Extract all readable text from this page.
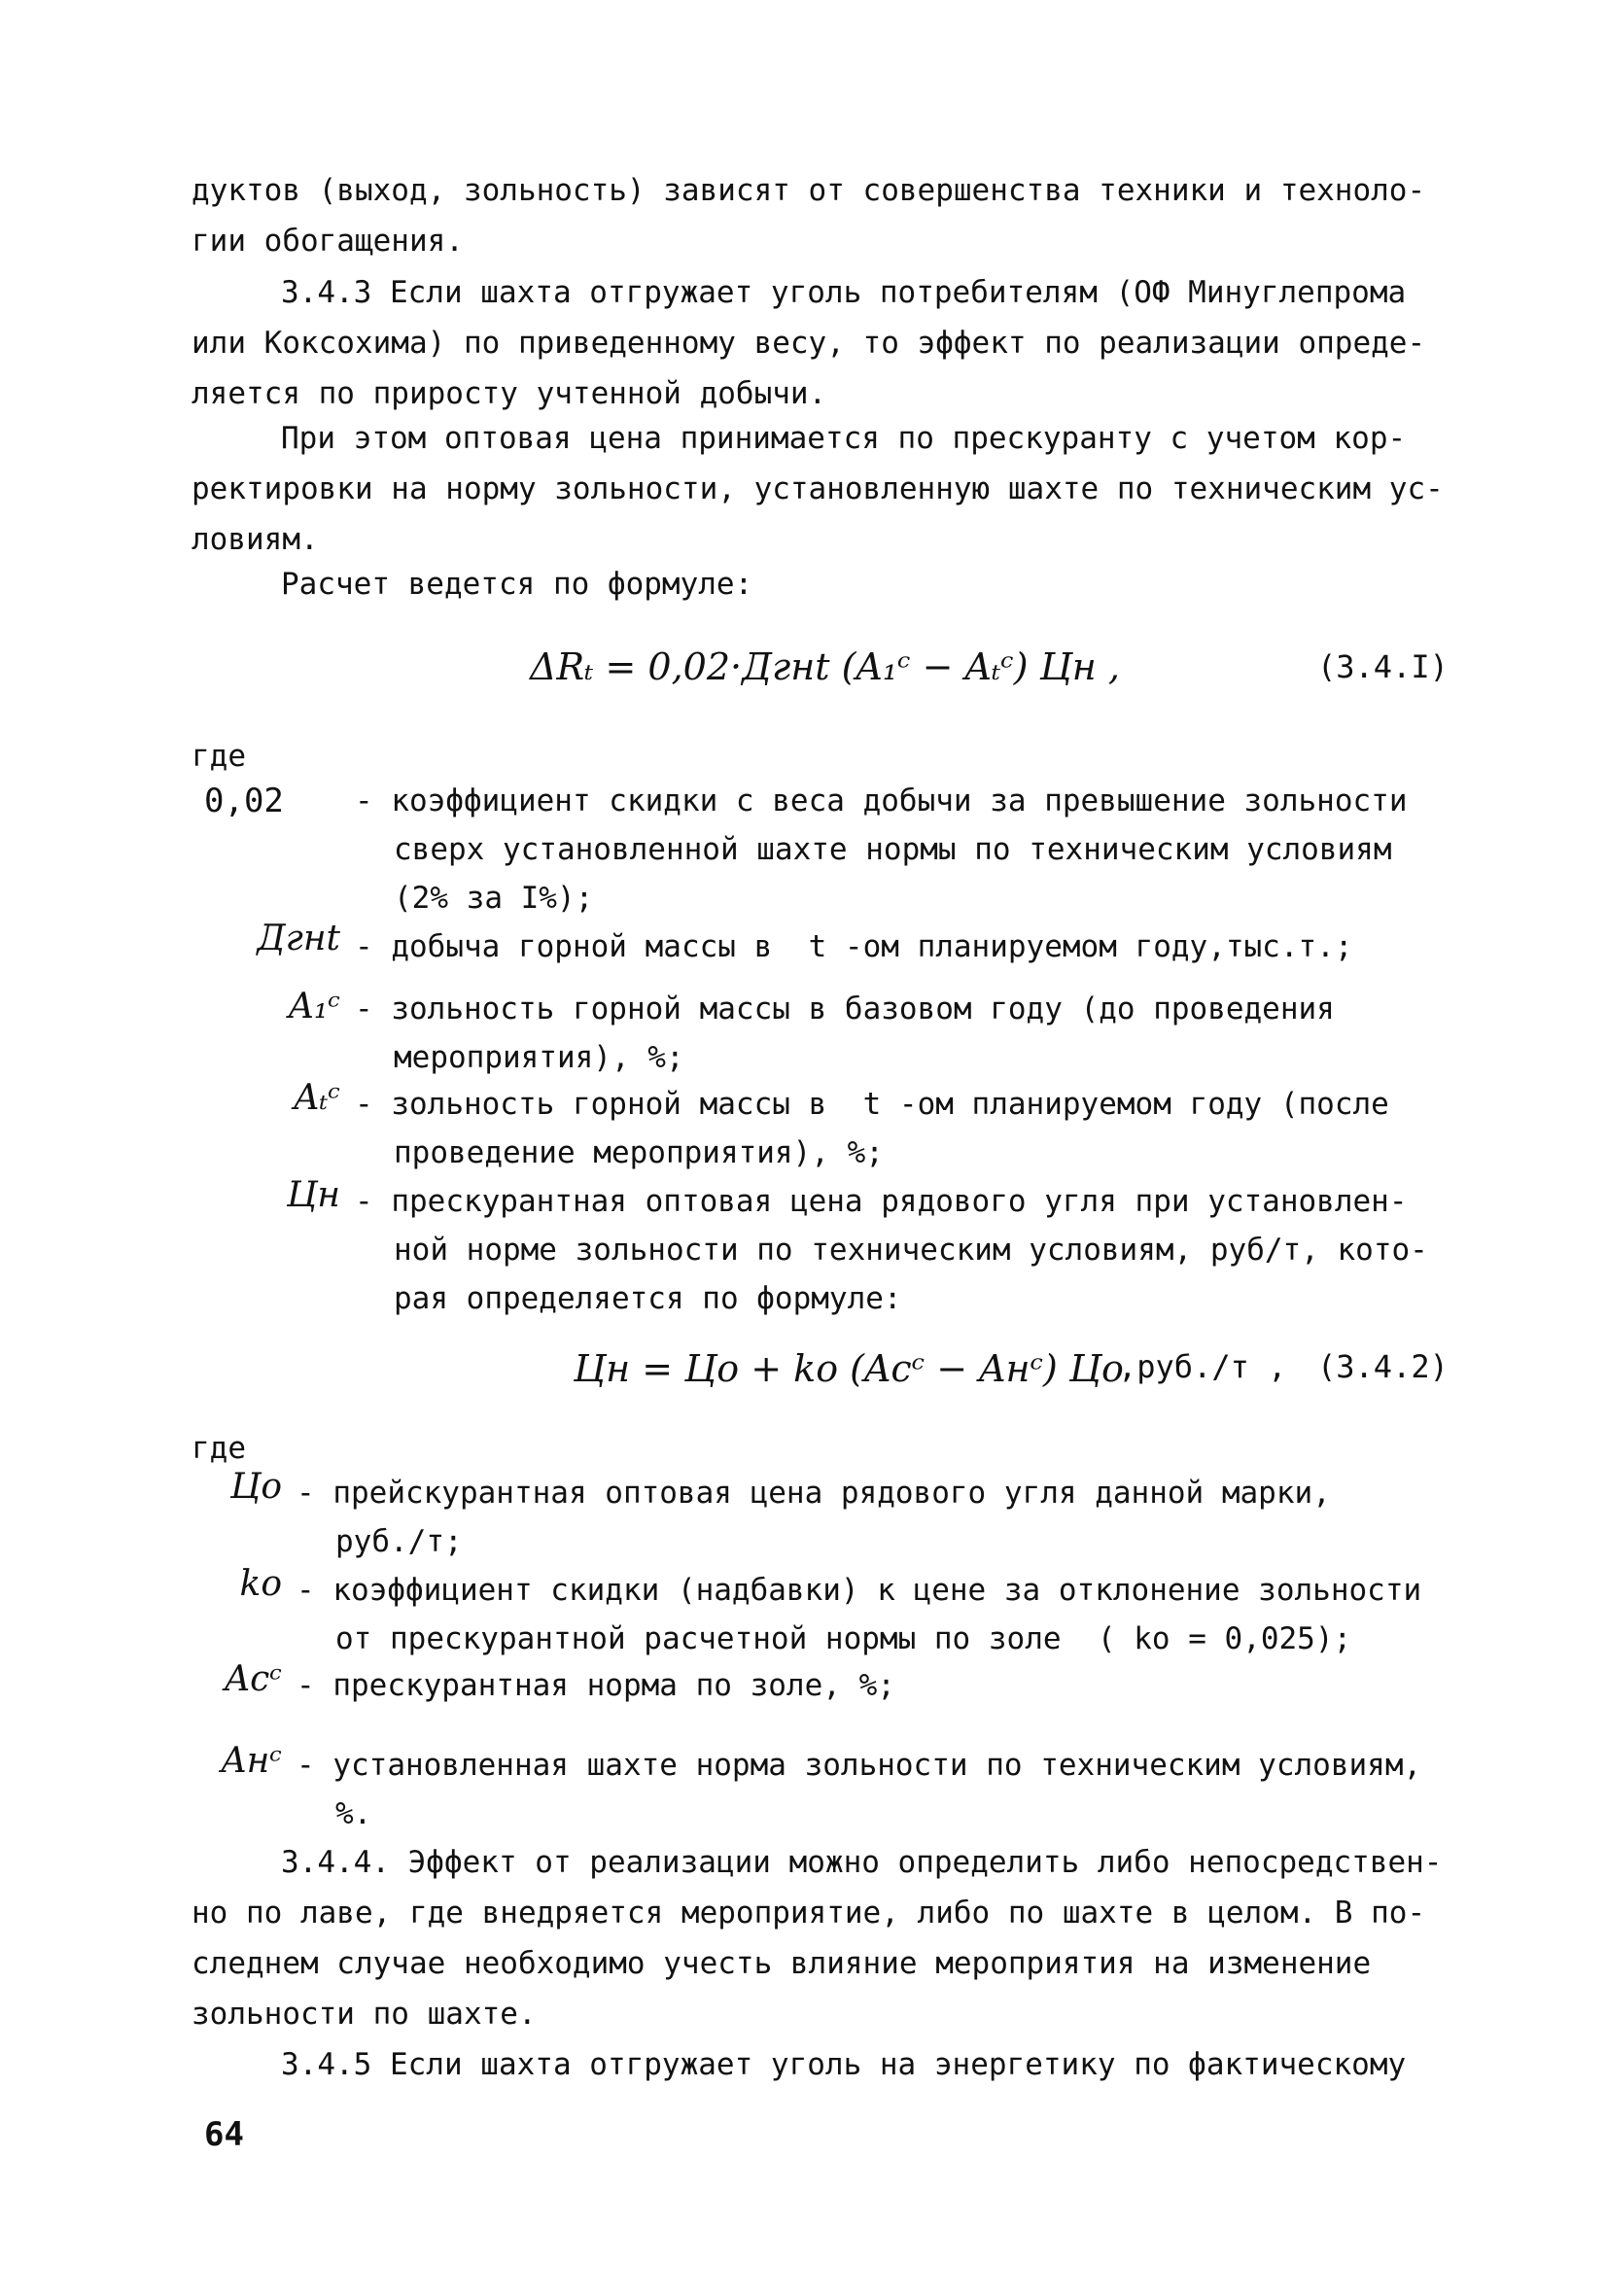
дуктов (выход, зольность) зависят от совершенства техники и техноло-
гии обогащения.
3.4.3 Если шахта отгружает уголь потребителям (ОФ Минуглепрома
или Коксохима) по приведенному весу, то эффект по реализации опреде-
ляется по приросту учтенной добычи.
При этом оптовая цена принимается по прескуранту с учетом кор-
ректировки на норму зольности, установленную шахте по техническим ус-
ловиям.
Расчет ведется по формуле:
ΔRₜ = 0,02·Дгнt (A₁ᶜ − Aₜᶜ) Цн ,	(3.4.I)
где
0,02 - коэффициент скидки с веса добычи за превышение зольности
сверх установленной шахте нормы по техническим условиям
(2% за I%);
Дгнt - добыча горной массы в  t -ом планируемом году,тыс.т.;
A₁ᶜ - зольность горной массы в базовом году (до проведения
мероприятия), %;
Aₜᶜ - зольность горной массы в  t -ом планируемом году (после
проведение мероприятия), %;
Цн - прескурантная оптовая цена рядового угля при установлен-
ной норме зольности по техническим условиям, руб/т, кото-
рая определяется по формуле:
Цн = Цо + kо (Aсᶜ − Aнᶜ) Цо
,руб./т , (3.4.2)
где
Цо - прейскурантная оптовая цена рядового угля данной марки,
руб./т;
kо - коэффициент скидки (надбавки) к цене за отклонение зольности
от прескурантной расчетной нормы по золе  ( kо = 0,025);
Aсᶜ - прескурантная норма по золе, %;
Aнᶜ - установленная шахте норма зольности по техническим условиям,
%.
3.4.4. Эффект от реализации можно определить либо непосредствен-
но по лаве, где внедряется мероприятие, либо по шахте в целом. В по-
следнем случае необходимо учесть влияние мероприятия на изменение
зольности по шахте.
3.4.5 Если шахта отгружает уголь на энергетику по фактическому
64
